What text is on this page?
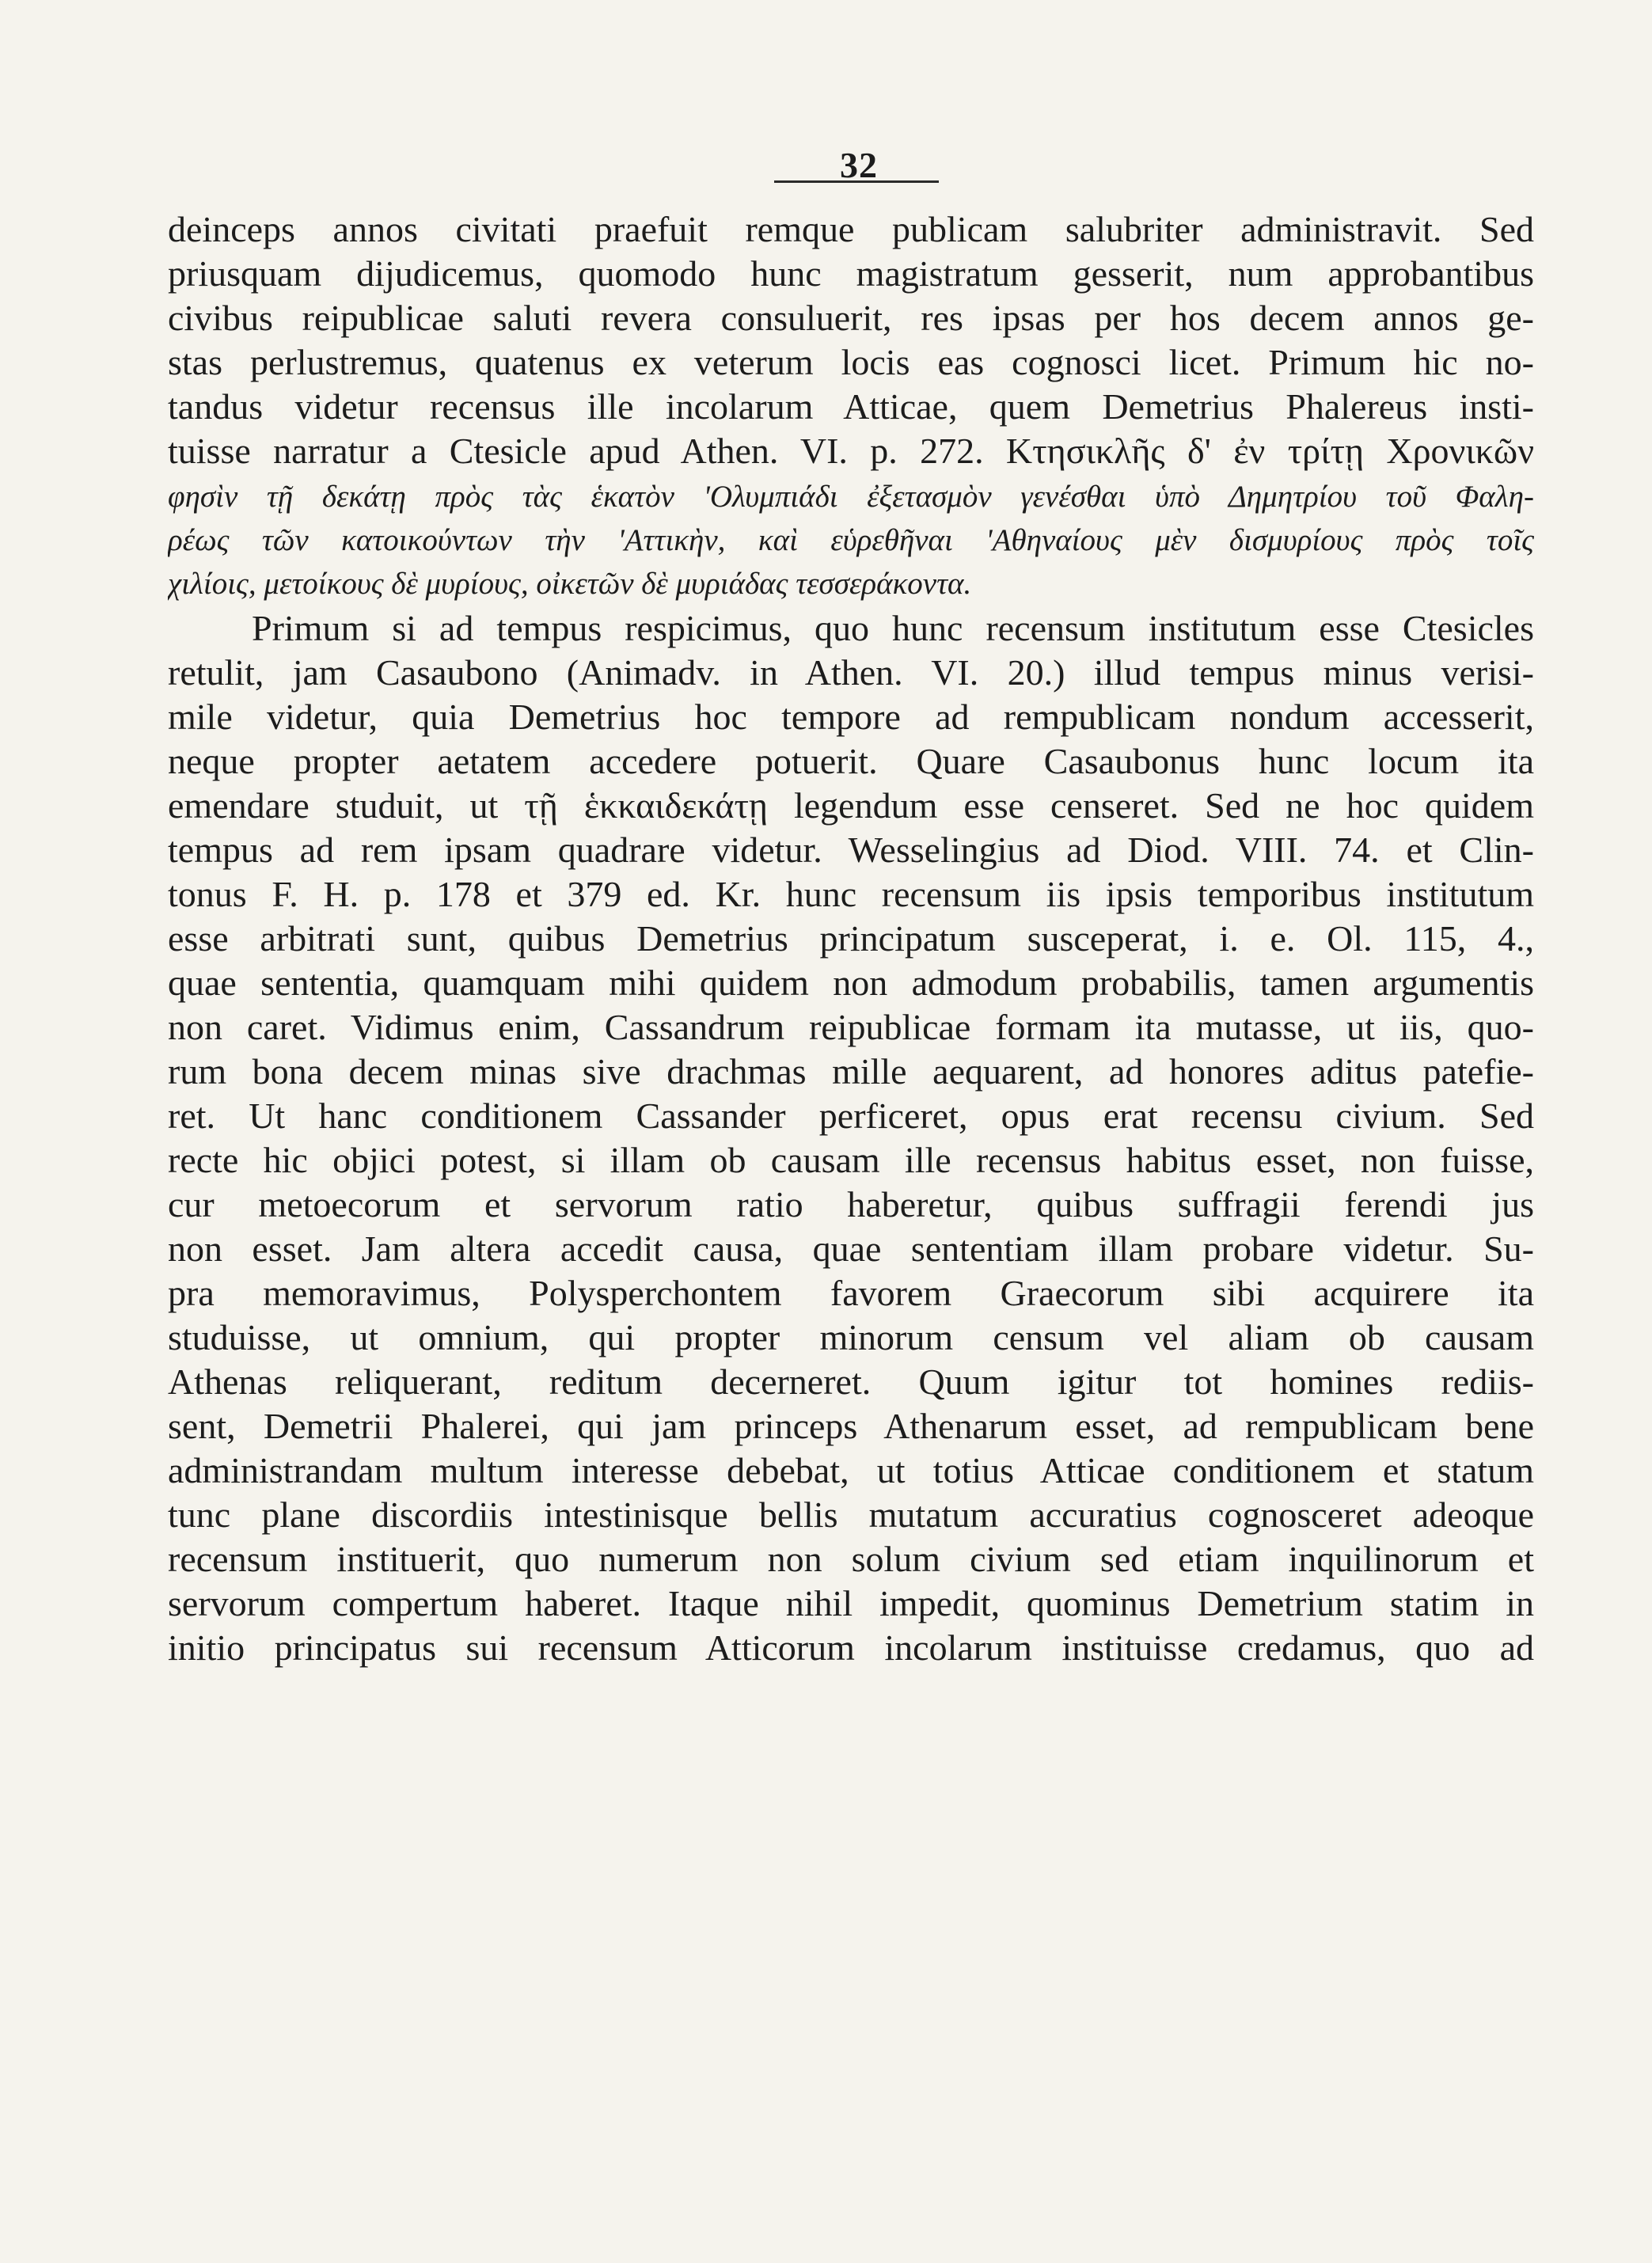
32
deinceps annos civitati praefuit remque publicam salubriter administravit. Sed
priusquam dijudicemus, quomodo hunc magistratum gesserit, num approbantibus
civibus reipublicae saluti revera consuluerit, res ipsas per hos decem annos ge-
stas perlustremus, quatenus ex veterum locis eas cognosci licet. Primum hic no-
tandus videtur recensus ille incolarum Atticae, quem Demetrius Phalereus insti-
tuisse narratur a Ctesicle apud Athen. VI. p. 272. Κτησικλῆς δ' ἐν τρίτῃ Χρονικῶν
φησὶν τῇ δεκάτῃ πρὸς τὰς ἑκατὸν 'Ολυμπιάδι ἐξετασμὸν γενέσθαι ὑπὸ Δημητρίου τοῦ Φαλη-
ρέως τῶν κατοικούντων τὴν 'Αττικὴν, καὶ εὑρεθῆναι 'Αθηναίους μὲν δισμυρίους πρὸς τοῖς
χιλίοις, μετοίκους δὲ μυρίους, οἰκετῶν δὲ μυριάδας τεσσεράκοντα.
Primum si ad tempus respicimus, quo hunc recensum institutum esse Ctesicles
retulit, jam Casaubono (Animadv. in Athen. VI. 20.) illud tempus minus verisi-
mile videtur, quia Demetrius hoc tempore ad rempublicam nondum accesserit,
neque propter aetatem accedere potuerit. Quare Casaubonus hunc locum ita
emendare studuit, ut τῇ ἑκκαιδεκάτῃ legendum esse censeret. Sed ne hoc quidem
tempus ad rem ipsam quadrare videtur. Wesselingius ad Diod. VIII. 74. et Clin-
tonus F. H. p. 178 et 379 ed. Kr. hunc recensum iis ipsis temporibus institutum
esse arbitrati sunt, quibus Demetrius principatum susceperat, i. e. Ol. 115, 4.,
quae sententia, quamquam mihi quidem non admodum probabilis, tamen argumentis
non caret. Vidimus enim, Cassandrum reipublicae formam ita mutasse, ut iis, quo-
rum bona decem minas sive drachmas mille aequarent, ad honores aditus patefie-
ret. Ut hanc conditionem Cassander perficeret, opus erat recensu civium. Sed
recte hic objici potest, si illam ob causam ille recensus habitus esset, non fuisse,
cur metoecorum et servorum ratio haberetur, quibus suffragii ferendi jus
non esset. Jam altera accedit causa, quae sententiam illam probare videtur. Su-
pra memoravimus, Polysperchontem favorem Graecorum sibi acquirere ita
studuisse, ut omnium, qui propter minorum censum vel aliam ob causam
Athenas reliquerant, reditum decerneret. Quum igitur tot homines rediis-
sent, Demetrii Phalerei, qui jam princeps Athenarum esset, ad rempublicam bene
administrandam multum interesse debebat, ut totius Atticae conditionem et statum
tunc plane discordiis intestinisque bellis mutatum accuratius cognosceret adeoque
recensum instituerit, quo numerum non solum civium sed etiam inquilinorum et
servorum compertum haberet. Itaque nihil impedit, quominus Demetrium statim in
initio principatus sui recensum Atticorum incolarum instituisse credamus, quo ad
